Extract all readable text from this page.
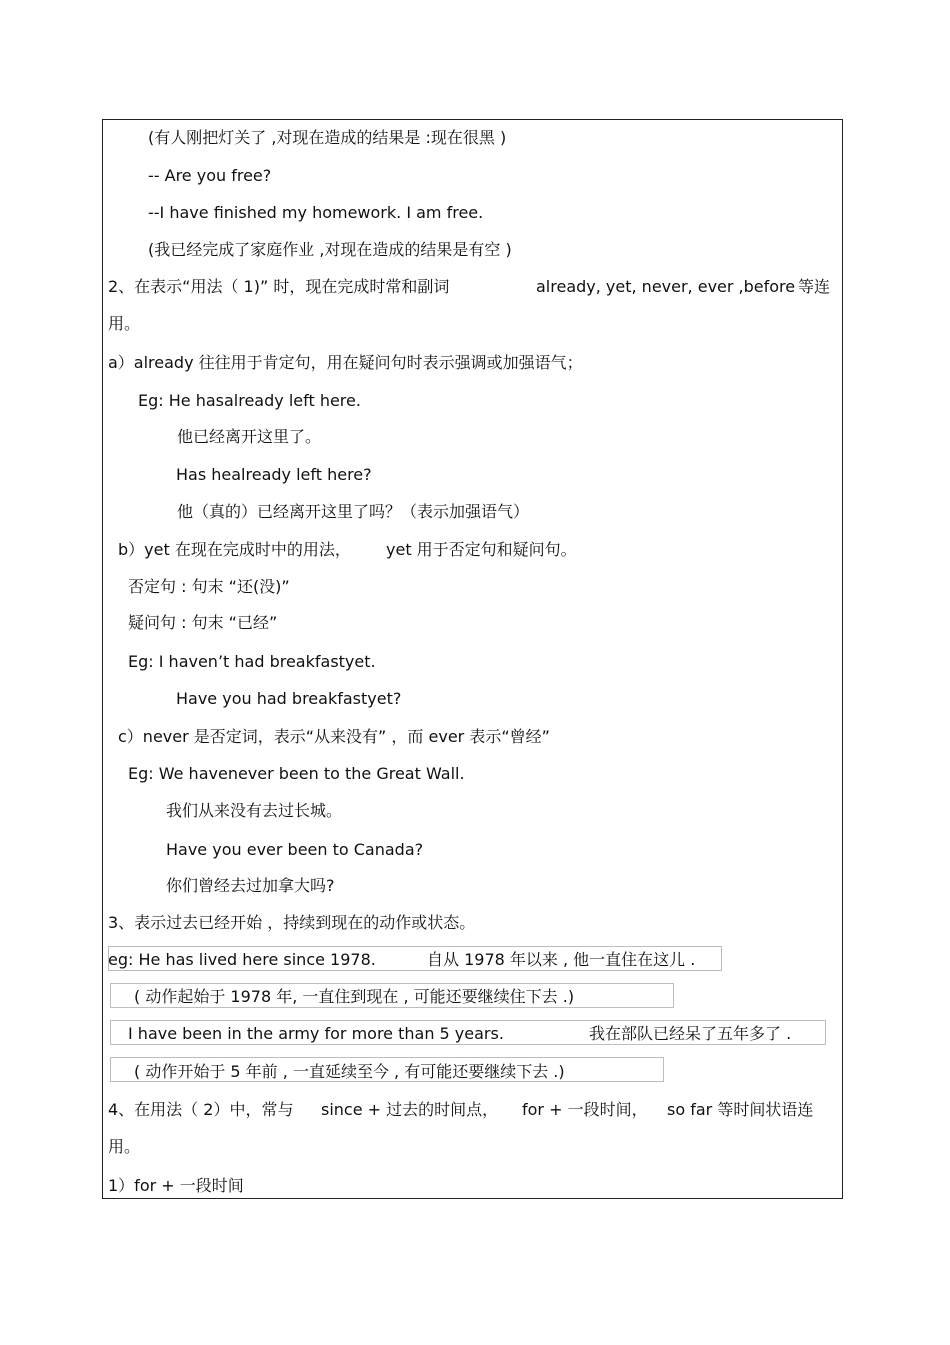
(有人刚把灯关了 ,对现在造成的结果是 :现在很黑 )
-- Are you free?
--I have finished my homework. I am free.
(我已经完成了家庭作业 ,对现在造成的结果是有空 )
2、在表示“用法（ 1)” 时，现在完成时常和副词	already, yet, never, ever ,before 等连
用。
a）already 往往用于肯定句，用在疑问句时表示强调或加强语气；
Eg: He hasalready left here.
他已经离开这里了。
Has healready left here?
他（真的）已经离开这里了吗？（表示加强语气）
b）yet 在现在完成时中的用法， yet 用于否定句和疑问句。
否定句 : 句末 “还(没)”
疑问句 : 句末 “已经”
Eg: I haven’t had breakfastyet.
Have you had breakfastyet?
c）never 是否定词，表示“从来没有” ，而 ever 表示“曾经”
Eg: We havenever been to the Great Wall.
我们从来没有去过长城。
Have you ever been to Canada?
你们曾经去过加拿大吗?
3、表示过去已经开始 ，持续到现在的动作或状态。
eg: He has lived here since 1978.	自从 1978 年以来 , 他一直住在这儿 .
( 动作起始于 1978 年, 一直住到现在 , 可能还要继续住下去 .)
I have been in the army for more than 5 years.	我在部队已经呆了五年多了 .
( 动作开始于 5 年前 , 一直延续至今 , 有可能还要继续下去 .)
4、在用法（ 2）中，常与 since + 过去的时间点， for + 一段时间， so far 等时间状语连
用。
1）for + 一段时间
